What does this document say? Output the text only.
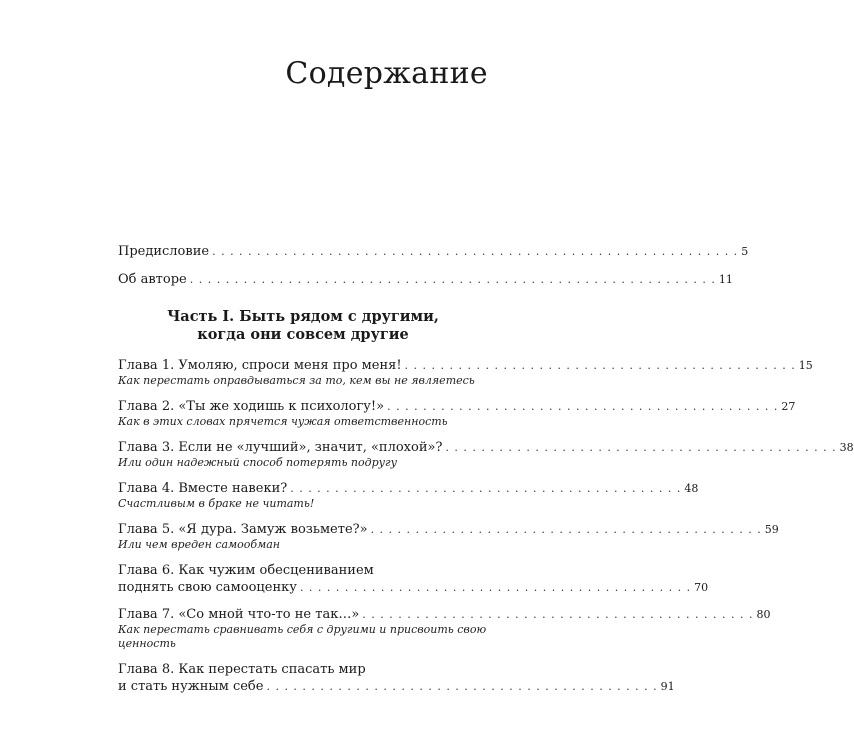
Содержание
Предисловие . . . . . . . . . . . . . . . . . . . . . . . . . . . . . . . . . . . . . . . . . . . . . . . . . . . . . . . . . . . 5
Об авторе . . . . . . . . . . . . . . . . . . . . . . . . . . . . . . . . . . . . . . . . . . . . . . . . . . . . . . . . . . . 11
Часть I. Быть рядом с другими,
когда они совсем другие
Глава 1. Умоляю, спроси меня про меня! . . . . . . . . . . . . . . . . . . . . . . . . . . . . . . . . . . . . . . . . . . . . 15
Как перестать оправдываться за то, кем вы не являетесь
Глава 2. «Ты же ходишь к психологу!» . . . . . . . . . . . . . . . . . . . . . . . . . . . . . . . . . . . . . . . . . . . . 27
Как в этих словах прячется чужая ответственность
Глава 3. Если не «лучший», значит, «плохой»? . . . . . . . . . . . . . . . . . . . . . . . . . . . . . . . . . . . . . . . . . . . . 38
Или один надежный способ потерять подругу
Глава 4. Вместе навеки? . . . . . . . . . . . . . . . . . . . . . . . . . . . . . . . . . . . . . . . . . . . . 48
Счастливым в браке не читать!
Глава 5. «Я дура. Замуж возьмете?» . . . . . . . . . . . . . . . . . . . . . . . . . . . . . . . . . . . . . . . . . . . . 59
Или чем вреден самообман
Глава 6. Как чужим обесцениванием
поднять свою самооценку . . . . . . . . . . . . . . . . . . . . . . . . . . . . . . . . . . . . . . . . . . . . 70
Глава 7. «Со мной что-то не так…» . . . . . . . . . . . . . . . . . . . . . . . . . . . . . . . . . . . . . . . . . . . . 80
Как перестать сравнивать себя с другими и присвоить свою ценность
Глава 8. Как перестать спасать мир
и стать нужным себе . . . . . . . . . . . . . . . . . . . . . . . . . . . . . . . . . . . . . . . . . . . . 91
